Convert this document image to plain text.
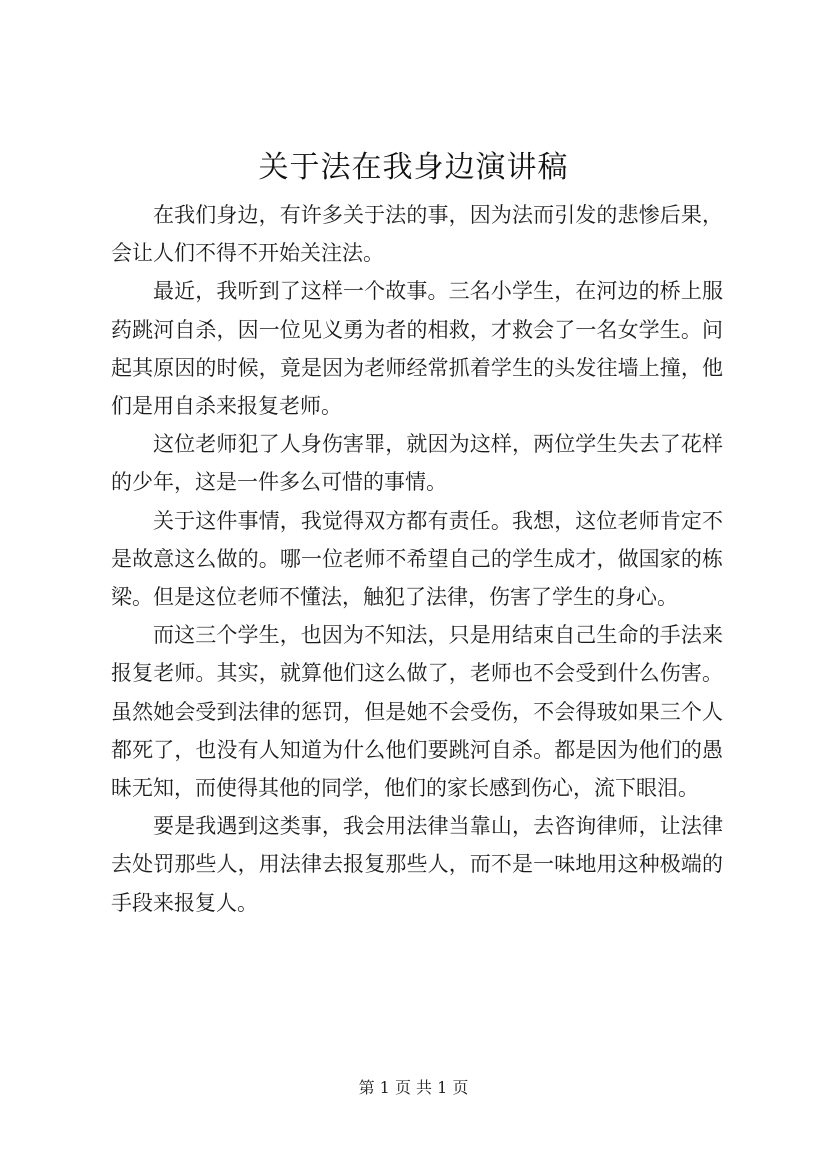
关于法在我身边演讲稿

在我们身边，有许多关于法的事，因为法而引发的悲惨后果，会让人们不得不开始关注法。

最近，我听到了这样一个故事。三名小学生，在河边的桥上服药跳河自杀，因一位见义勇为者的相救，才救会了一名女学生。问起其原因的时候，竟是因为老师经常抓着学生的头发往墙上撞，他们是用自杀来报复老师。

这位老师犯了人身伤害罪，就因为这样，两位学生失去了花样的少年，这是一件多么可惜的事情。

关于这件事情，我觉得双方都有责任。我想，这位老师肯定不是故意这么做的。哪一位老师不希望自己的学生成才，做国家的栋梁。但是这位老师不懂法，触犯了法律，伤害了学生的身心。

而这三个学生，也因为不知法，只是用结束自己生命的手法来报复老师。其实，就算他们这么做了，老师也不会受到什么伤害。虽然她会受到法律的惩罚，但是她不会受伤，不会得玻如果三个人都死了，也没有人知道为什么他们要跳河自杀。都是因为他们的愚昧无知，而使得其他的同学，他们的家长感到伤心，流下眼泪。

要是我遇到这类事，我会用法律当靠山，去咨询律师，让法律去处罚那些人，用法律去报复那些人，而不是一味地用这种极端的手段来报复人。

第 1 页 共 1 页
